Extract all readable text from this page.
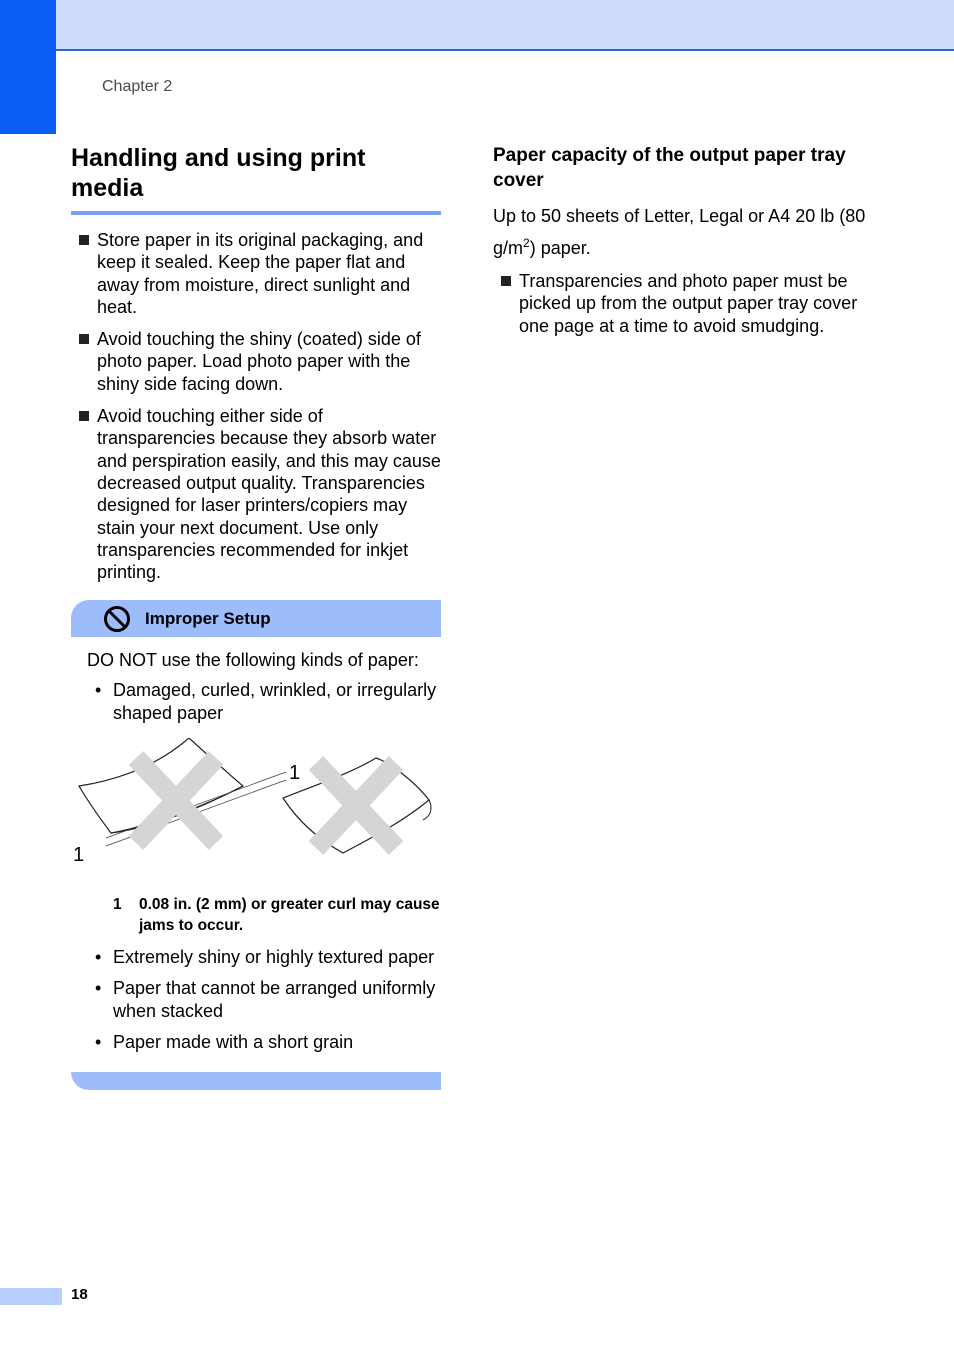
Chapter 2
Handling and using print media
Store paper in its original packaging, and keep it sealed. Keep the paper flat and away from moisture, direct sunlight and heat.
Avoid touching the shiny (coated) side of photo paper. Load photo paper with the shiny side facing down.
Avoid touching either side of transparencies because they absorb water and perspiration easily, and this may cause decreased output quality. Transparencies designed for laser printers/copiers may stain your next document. Use only transparencies recommended for inkjet printing.
Improper Setup

DO NOT use the following kinds of paper:

• Damaged, curled, wrinkled, or irregularly shaped paper
1
1
1	0.08 in. (2 mm) or greater curl may cause jams to occur.
• Extremely shiny or highly textured paper
• Paper that cannot be arranged uniformly when stacked
• Paper made with a short grain
Paper capacity of the output paper tray cover

Up to 50 sheets of Letter, Legal or A4 20 lb (80 $g/m^2$) paper.

Transparencies and photo paper must be picked up from the output paper tray cover one page at a time to avoid smudging.
18
